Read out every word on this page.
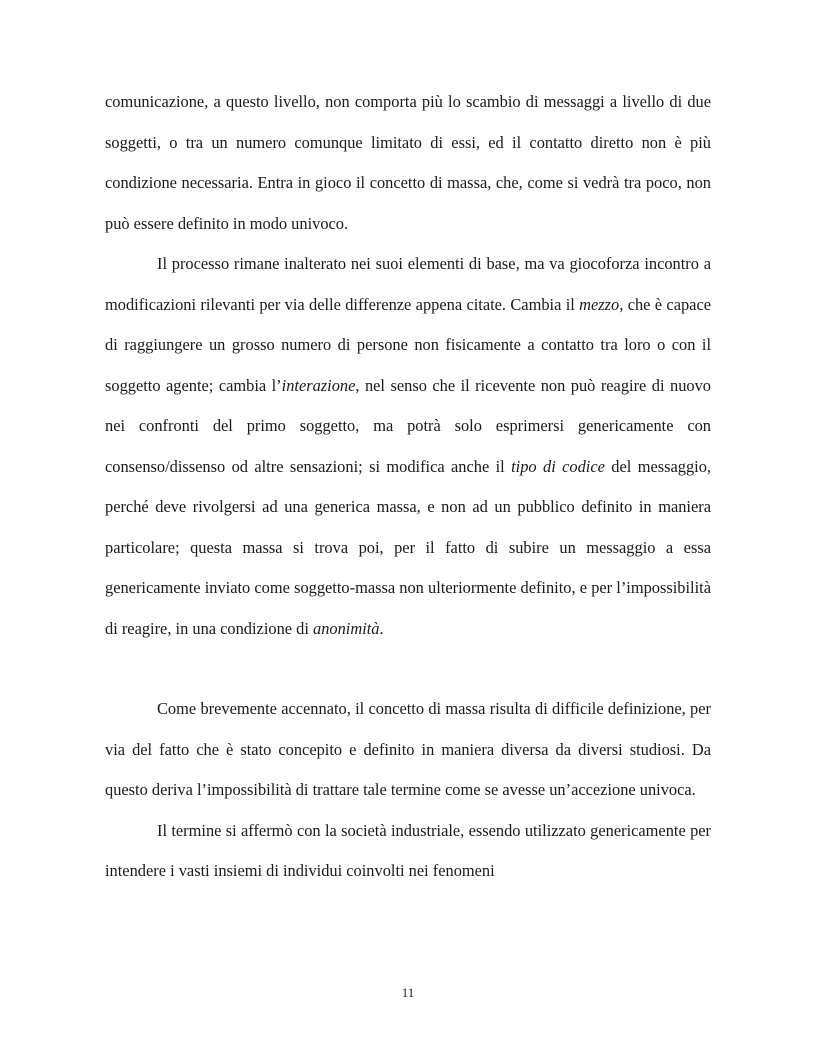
comunicazione, a questo livello, non comporta più lo scambio di messaggi a livello di due soggetti, o tra un numero comunque limitato di essi, ed il contatto diretto non è più condizione necessaria. Entra in gioco il concetto di massa, che, come si vedrà tra poco, non può essere definito in modo univoco.

Il processo rimane inalterato nei suoi elementi di base, ma va giocoforza incontro a modificazioni rilevanti per via delle differenze appena citate. Cambia il mezzo, che è capace di raggiungere un grosso numero di persone non fisicamente a contatto tra loro o con il soggetto agente; cambia l’interazione, nel senso che il ricevente non può reagire di nuovo nei confronti del primo soggetto, ma potrà solo esprimersi genericamente con consenso/dissenso od altre sensazioni; si modifica anche il tipo di codice del messaggio, perché deve rivolgersi ad una generica massa, e non ad un pubblico definito in maniera particolare; questa massa si trova poi, per il fatto di subire un messaggio a essa genericamente inviato come soggetto-massa non ulteriormente definito, e per l’impossibilità di reagire, in una condizione di anonimità.

Come brevemente accennato, il concetto di massa risulta di difficile definizione, per via del fatto che è stato concepito e definito in maniera diversa da diversi studiosi. Da questo deriva l’impossibilità di trattare tale termine come se avesse un’accezione univoca.

Il termine si affermò con la società industriale, essendo utilizzato genericamente per intendere i vasti insiemi di individui coinvolti nei fenomeni

11
